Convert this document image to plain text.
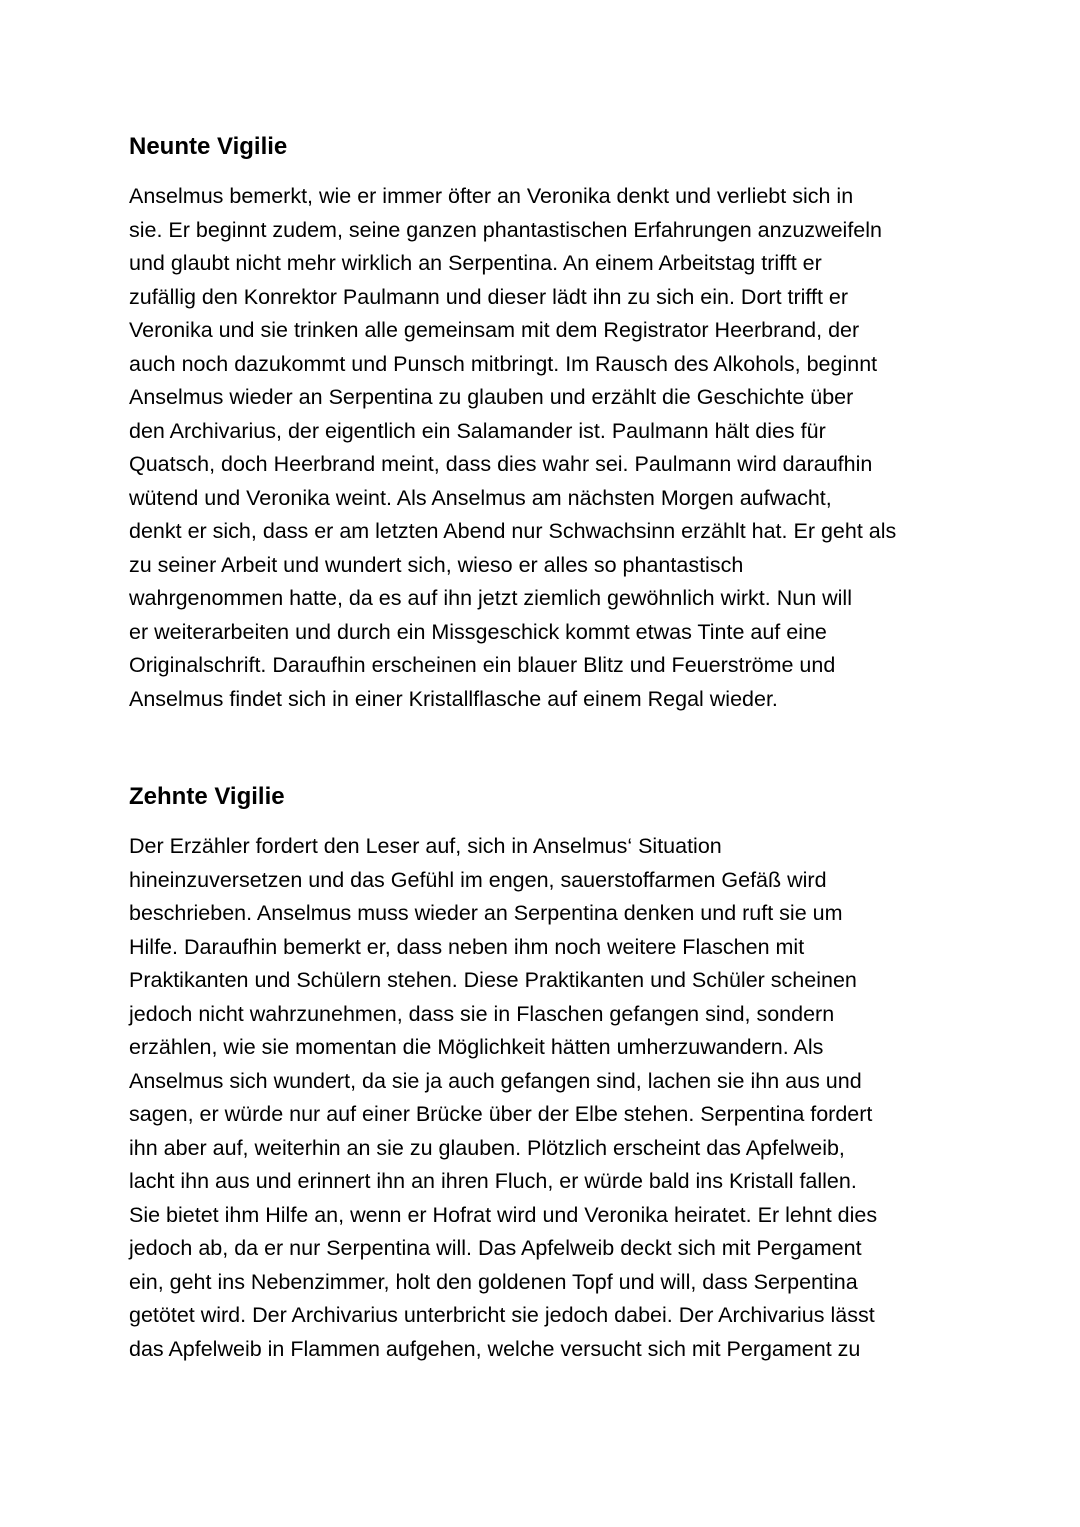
Neunte Vigilie
Anselmus bemerkt, wie er immer öfter an Veronika denkt und verliebt sich in
sie. Er beginnt zudem, seine ganzen phantastischen Erfahrungen anzuzweifeln
und glaubt nicht mehr wirklich an Serpentina. An einem Arbeitstag trifft er
zufällig den Konrektor Paulmann und dieser lädt ihn zu sich ein. Dort trifft er
Veronika und sie trinken alle gemeinsam mit dem Registrator Heerbrand, der
auch noch dazukommt und Punsch mitbringt. Im Rausch des Alkohols, beginnt
Anselmus wieder an Serpentina zu glauben und erzählt die Geschichte über
den Archivarius, der eigentlich ein Salamander ist. Paulmann hält dies für
Quatsch, doch Heerbrand meint, dass dies wahr sei. Paulmann wird daraufhin
wütend und Veronika weint. Als Anselmus am nächsten Morgen aufwacht,
denkt er sich, dass er am letzten Abend nur Schwachsinn erzählt hat. Er geht als
zu seiner Arbeit und wundert sich, wieso er alles so phantastisch
wahrgenommen hatte, da es auf ihn jetzt ziemlich gewöhnlich wirkt. Nun will
er weiterarbeiten und durch ein Missgeschick kommt etwas Tinte auf eine
Originalschrift. Daraufhin erscheinen ein blauer Blitz und Feuerströme und
Anselmus findet sich in einer Kristallflasche auf einem Regal wieder.
Zehnte Vigilie
Der Erzähler fordert den Leser auf, sich in Anselmus‘ Situation
hineinzuversetzen und das Gefühl im engen, sauerstoffarmen Gefäß wird
beschrieben. Anselmus muss wieder an Serpentina denken und ruft sie um
Hilfe. Daraufhin bemerkt er, dass neben ihm noch weitere Flaschen mit
Praktikanten und Schülern stehen. Diese Praktikanten und Schüler scheinen
jedoch nicht wahrzunehmen, dass sie in Flaschen gefangen sind, sondern
erzählen, wie sie momentan die Möglichkeit hätten umherzuwandern. Als
Anselmus sich wundert, da sie ja auch gefangen sind, lachen sie ihn aus und
sagen, er würde nur auf einer Brücke über der Elbe stehen. Serpentina fordert
ihn aber auf, weiterhin an sie zu glauben. Plötzlich erscheint das Apfelweib,
lacht ihn aus und erinnert ihn an ihren Fluch, er würde bald ins Kristall fallen.
Sie bietet ihm Hilfe an, wenn er Hofrat wird und Veronika heiratet. Er lehnt dies
jedoch ab, da er nur Serpentina will. Das Apfelweib deckt sich mit Pergament
ein, geht ins Nebenzimmer, holt den goldenen Topf und will, dass Serpentina
getötet wird. Der Archivarius unterbricht sie jedoch dabei. Der Archivarius lässt
das Apfelweib in Flammen aufgehen, welche versucht sich mit Pergament zu
